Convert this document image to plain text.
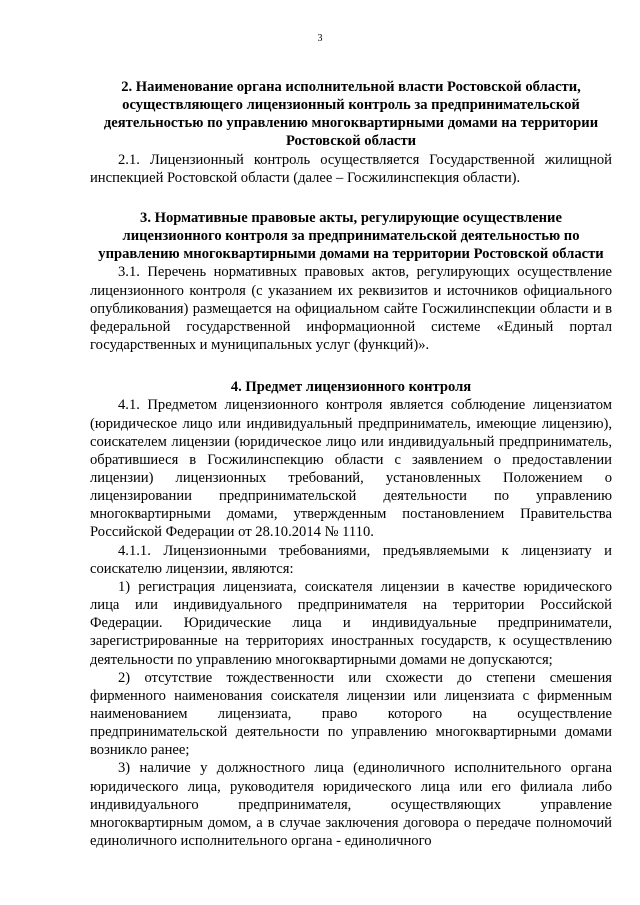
3

2. Наименование органа исполнительной власти Ростовской области, осуществляющего лицензионный контроль за предпринимательской деятельностью по управлению многоквартирными домами на территории Ростовской области

2.1. Лицензионный контроль осуществляется Государственной жилищной инспекцией Ростовской области (далее – Госжилинспекция области).

3. Нормативные правовые акты, регулирующие осуществление лицензионного контроля за предпринимательской деятельностью по управлению многоквартирными домами на территории Ростовской области

3.1. Перечень нормативных правовых актов, регулирующих осуществление лицензионного контроля (с указанием их реквизитов и источников официального опубликования) размещается на официальном сайте Госжилинспекции области и в федеральной государственной информационной системе «Единый портал государственных и муниципальных услуг (функций)».

4. Предмет лицензионного контроля

4.1. Предметом лицензионного контроля является соблюдение лицензиатом (юридическое лицо или индивидуальный предприниматель, имеющие лицензию), соискателем лицензии (юридическое лицо или индивидуальный предприниматель, обратившиеся в Госжилинспекцию области с заявлением о предоставлении лицензии) лицензионных требований, установленных Положением о лицензировании предпринимательской деятельности по управлению многоквартирными домами, утвержденным постановлением Правительства Российской Федерации от 28.10.2014 № 1110.

4.1.1. Лицензионными требованиями, предъявляемыми к лицензиату и соискателю лицензии, являются:

1) регистрация лицензиата, соискателя лицензии в качестве юридического лица или индивидуального предпринимателя на территории Российской Федерации. Юридические лица и индивидуальные предприниматели, зарегистрированные на территориях иностранных государств, к осуществлению деятельности по управлению многоквартирными домами не допускаются;

2) отсутствие тождественности или схожести до степени смешения фирменного наименования соискателя лицензии или лицензиата с фирменным наименованием лицензиата, право которого на осуществление предпринимательской деятельности по управлению многоквартирными домами возникло ранее;

3) наличие у должностного лица (единоличного исполнительного органа юридического лица, руководителя юридического лица или его филиала либо индивидуального предпринимателя, осуществляющих управление многоквартирным домом, а в случае заключения договора о передаче полномочий единоличного исполнительного органа - единоличного
